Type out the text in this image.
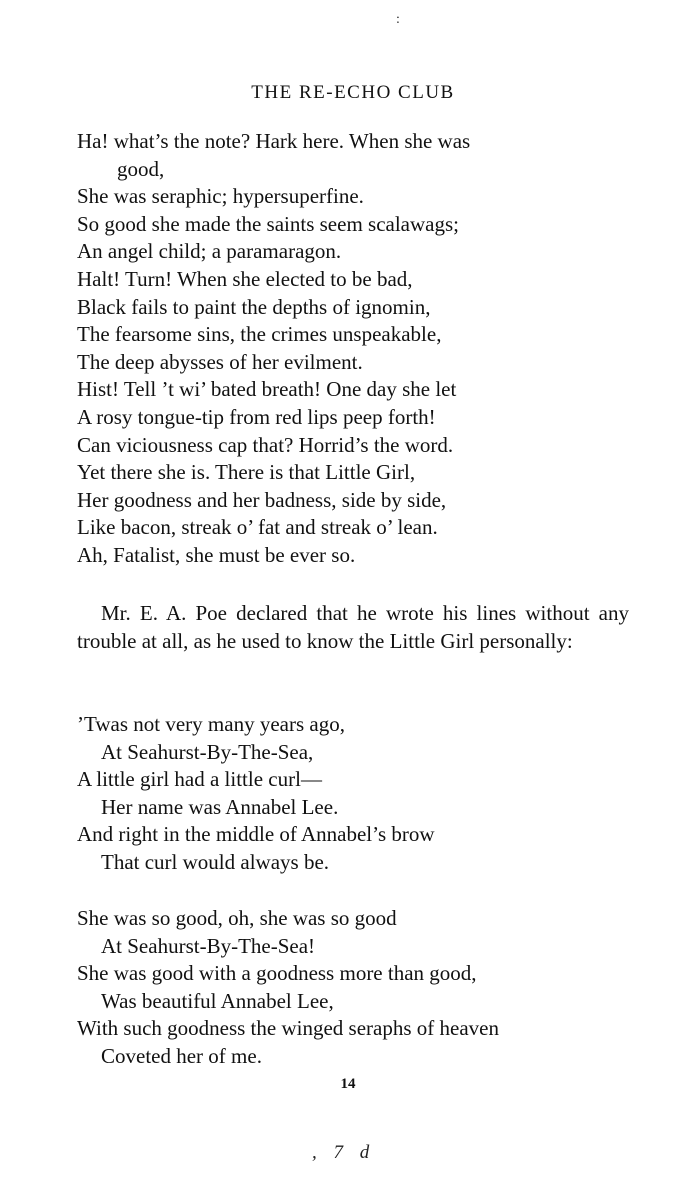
:
THE RE-ECHO CLUB
Ha! what’s the note? Hark here. When she was
good,
She was seraphic; hypersuperfine.
So good she made the saints seem scalawags;
An angel child; a paramaragon.
Halt! Turn! When she elected to be bad,
Black fails to paint the depths of ignomin,
The fearsome sins, the crimes unspeakable,
The deep abysses of her evilment.
Hist! Tell ’t wi’ bated breath! One day she let
A rosy tongue-tip from red lips peep forth!
Can viciousness cap that? Horrid’s the word.
Yet there she is. There is that Little Girl,
Her goodness and her badness, side by side,
Like bacon, streak o’ fat and streak o’ lean.
Ah, Fatalist, she must be ever so.

Mr. E. A. Poe declared that he wrote his lines without any trouble at all, as he used to know the Little Girl personally:

’Twas not very many years ago,
At Seahurst-By-The-Sea,
A little girl had a little curl—
Her name was Annabel Lee.
And right in the middle of Annabel’s brow
That curl would always be.
She was so good, oh, she was so good
At Seahurst-By-The-Sea!
She was good with a goodness more than good,
Was beautiful Annabel Lee,
With such goodness the winged seraphs of heaven
Coveted her of me.
14
, 7 d
